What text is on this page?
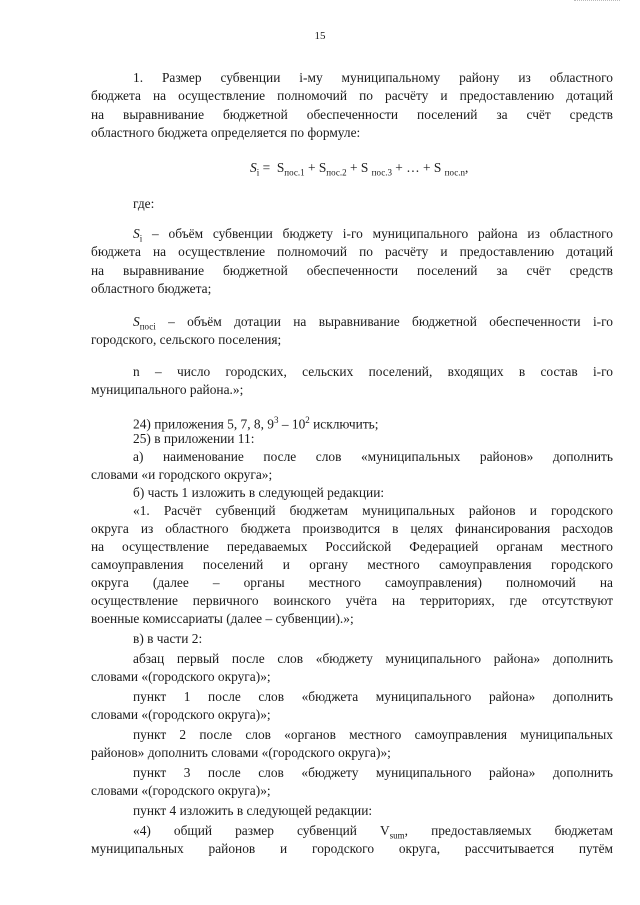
15
1. Размер субвенции i-му муниципальному району из областного
бюджета на осуществление полномочий по расчёту и предоставлению дотаций
на выравнивание бюджетной обеспеченности поселений за счёт средств
областного бюджета определяется по формуле:
$S_i = S_{пос.1} + S_{пос.2} + S$ $_{пос.3}$ + … + S $_{пос.n}$,
где:
$S_i$ – объём субвенции бюджету i-го муниципального района из областного
бюджета на осуществление полномочий по расчёту и предоставлению дотаций
на выравнивание бюджетной обеспеченности поселений за счёт средств
областного бюджета;
$S_{посi}$ – объём дотации на выравнивание бюджетной обеспеченности i-го
городского, сельского поселения;
n – число городских, сельских поселений, входящих в состав i-го
муниципального района.»;
24) приложения 5, 7, 8, $9^3 - 10^2$ исключить;
25) в приложении 11:
а) наименование после слов «муниципальных районов» дополнить
словами «и городского округа»;
б) часть 1 изложить в следующей редакции:
«1. Расчёт субвенций бюджетам муниципальных районов и городского
округа из областного бюджета производится в целях финансирования расходов
на осуществление передаваемых Российской Федерацией органам местного
самоуправления поселений и органу местного самоуправления городского
округа (далее – органы местного самоуправления) полномочий на
осуществление первичного воинского учёта на территориях, где отсутствуют
военные комиссариаты (далее – субвенции).»;
в) в части 2:
абзац первый после слов «бюджету муниципального района» дополнить
словами «(городского округа)»;
пункт 1 после слов «бюджета муниципального района» дополнить
словами «(городского округа)»;
пункт 2 после слов «органов местного самоуправления муниципальных
районов» дополнить словами «(городского округа)»;
пункт 3 после слов «бюджету муниципального района» дополнить
словами «(городского округа)»;
пункт 4 изложить в следующей редакции:
«4) общий размер субвенций $V_{sum}$, предоставляемых бюджетам
муниципальных районов и городского округа, рассчитывается путём
